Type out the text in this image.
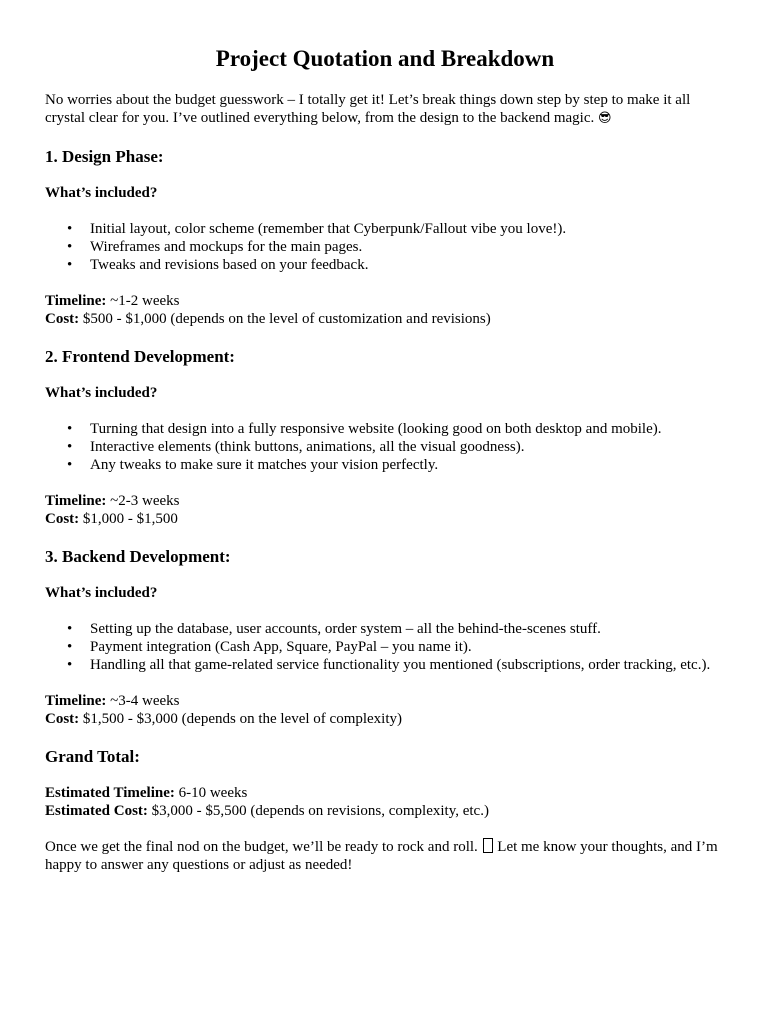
Project Quotation and Breakdown

No worries about the budget guesswork – I totally get it! Let’s break things down step by step to make it all crystal clear for you. I’ve outlined everything below, from the design to the backend magic. 😎

1. Design Phase:
What’s included?
• Initial layout, color scheme (remember that Cyberpunk/Fallout vibe you love!).
• Wireframes and mockups for the main pages.
• Tweaks and revisions based on your feedback.

Timeline: ~1-2 weeks

Cost: $500 - $1,000 (depends on the level of customization and revisions)

2. Frontend Development:
What’s included?
• Turning that design into a fully responsive website (looking good on both desktop and mobile).
• Interactive elements (think buttons, animations, all the visual goodness).
• Any tweaks to make sure it matches your vision perfectly.

Timeline: ~2-3 weeks

Cost: $1,000 - $1,500

3. Backend Development:
What’s included?
• Setting up the database, user accounts, order system – all the behind-the-scenes stuff.
• Payment integration (Cash App, Square, PayPal – you name it).
• Handling all that game-related service functionality you mentioned (subscriptions, order tracking, etc.).

Timeline: ~3-4 weeks

Cost: $1,500 - $3,000 (depends on the level of complexity)

Grand Total:

Estimated Timeline: 6-10 weeks

Estimated Cost: $3,000 - $5,500 (depends on revisions, complexity, etc.)

Once we get the final nod on the budget, we’ll be ready to rock and roll. Let me know your thoughts, and I’m happy to answer any questions or adjust as needed!
